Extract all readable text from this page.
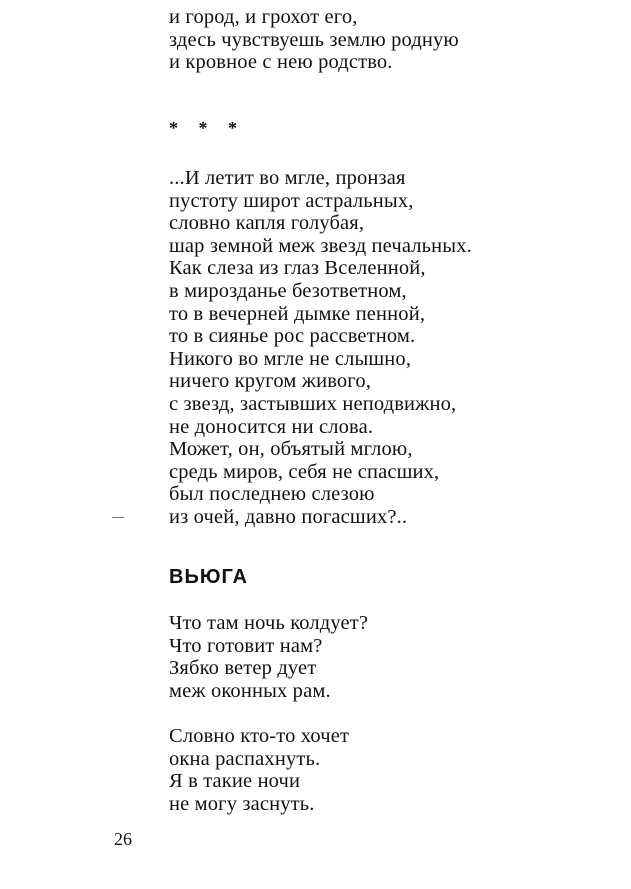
и город, и грохот его,
здесь чувствуешь землю родную
и кровное с нею родство.
* * *
...И летит во мгле, пронзая
пустоту широт астральных,
словно капля голубая,
шар земной меж звезд печальных.
Как слеза из глаз Вселенной,
в мирозданье безответном,
то в вечерней дымке пенной,
то в сиянье рос рассветном.
Никого во мгле не слышно,
ничего кругом живого,
с звезд, застывших неподвижно,
не доносится ни слова.
Может, он, объятый мглою,
средь миров, себя не спасших,
был последнею слезою
из очей, давно погасших?..
ВЬЮГА
Что там ночь колдует?
Что готовит нам?
Зябко ветер дует
меж оконных рам.
Словно кто-то хочет
окна распахнуть.
Я в такие ночи
не могу заснуть.
26
